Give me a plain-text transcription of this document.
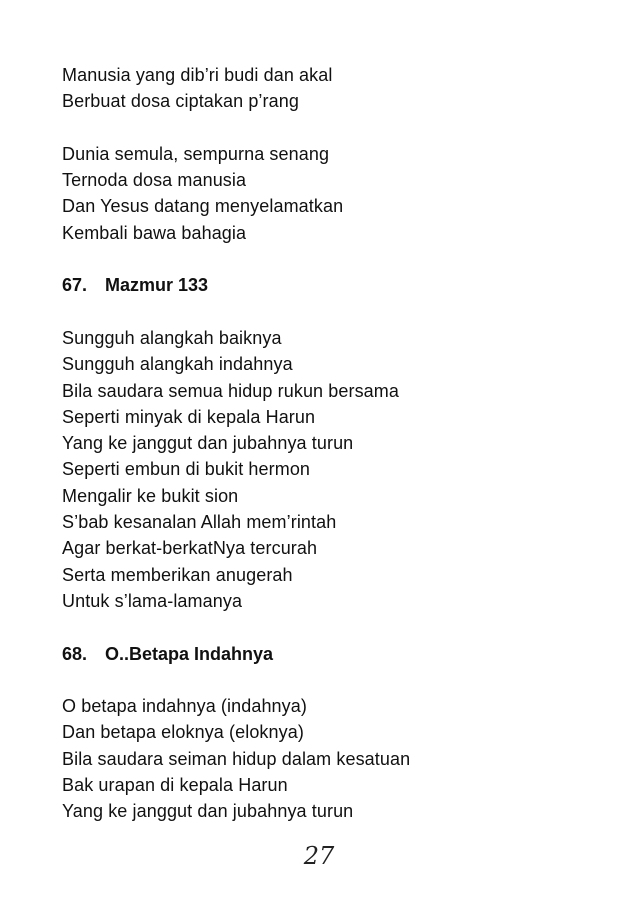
Manusia yang dib’ri budi dan akal
Berbuat dosa ciptakan p’rang
Dunia semula, sempurna senang
Ternoda dosa manusia
Dan Yesus datang menyelamatkan
Kembali bawa bahagia
67. Mazmur 133
Sungguh alangkah baiknya
Sungguh alangkah indahnya
Bila saudara semua hidup rukun bersama
Seperti minyak di kepala Harun
Yang ke janggut dan jubahnya turun
Seperti embun di bukit hermon
Mengalir ke bukit sion
S’bab kesanalan Allah mem’rintah
Agar berkat-berkatNya tercurah
Serta memberikan anugerah
Untuk s’lama-lamanya
68. O..Betapa Indahnya
O betapa indahnya (indahnya)
Dan betapa eloknya (eloknya)
Bila saudara seiman hidup dalam kesatuan
Bak urapan di kepala Harun
Yang ke janggut dan jubahnya turun
27
